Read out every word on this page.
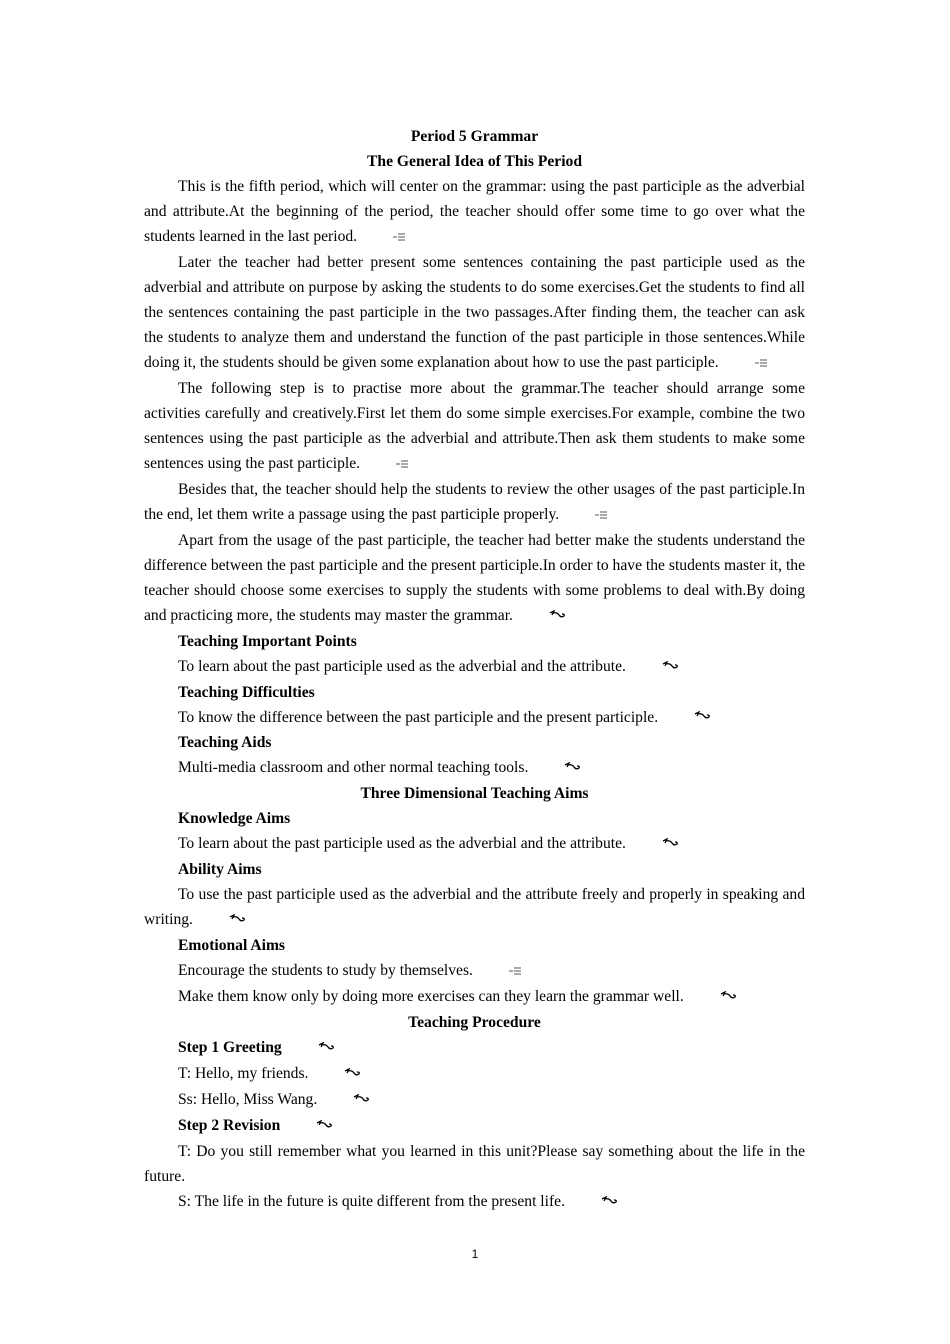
Period 5 Grammar
The General Idea of This Period

This is the fifth period, which will center on the grammar: using the past participle as the adverbial and attribute.At the beginning of the period, the teacher should offer some time to go over what the students learned in the last period.

Later the teacher had better present some sentences containing the past participle used as the adverbial and attribute on purpose by asking the students to do some exercises.Get the students to find all the sentences containing the past participle in the two passages.After finding them, the teacher can ask the students to analyze them and understand the function of the past participle in those sentences.While doing it, the students should be given some explanation about how to use the past participle.

The following step is to practise more about the grammar.The teacher should arrange some activities carefully and creatively.First let them do some simple exercises.For example, combine the two sentences using the past participle as the adverbial and attribute.Then ask them students to make some sentences using the past participle.

Besides that, the teacher should help the students to review the other usages of the past participle.In the end, let them write a passage using the past participle properly.

Apart from the usage of the past participle, the teacher had better make the students understand the difference between the past participle and the present participle.In order to have the students master it, the teacher should choose some exercises to supply the students with some problems to deal with.By doing and practicing more, the students may master the grammar.

Teaching Important Points

To learn about the past participle used as the adverbial and the attribute.

Teaching Difficulties

To know the difference between the past participle and the present participle.

Teaching Aids

Multi-media classroom and other normal teaching tools.

Three Dimensional Teaching Aims

Knowledge Aims

To learn about the past participle used as the adverbial and the attribute.

Ability Aims

To use the past participle used as the adverbial and the attribute freely and properly in speaking and writing.

Emotional Aims

Encourage the students to study by themselves.

Make them know only by doing more exercises can they learn the grammar well.

Teaching Procedure

Step 1 Greeting

T: Hello, my friends.

Ss: Hello, Miss Wang.

Step 2 Revision

T: Do you still remember what you learned in this unit?Please say something about the life in the future.

S: The life in the future is quite different from the present life.

1
